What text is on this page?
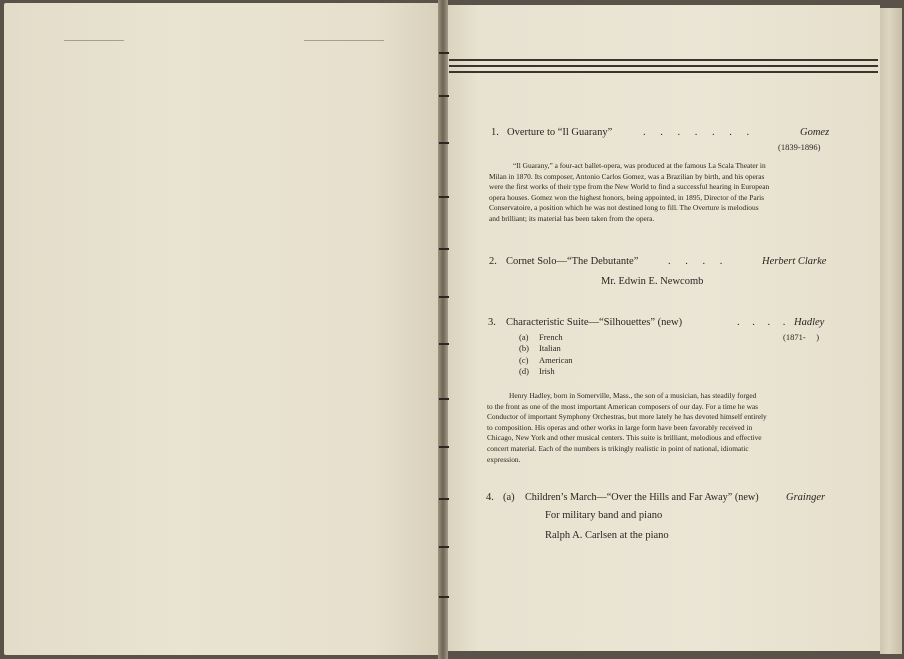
1. Overture to “Il Guarany”	. . . . . . .	Gomez
(1839-1896)
“Il Guarany,” a four-act ballet-opera, was produced at the famous La Scala Theater in
Milan in 1870. Its composer, Antonio Carlos Gomez, was a Brazilian by birth, and his operas
were the first works of their type from the New World to find a successful hearing in European
opera houses. Gomez won the highest honors, being appointed, in 1895, Director of the Paris
Conservatoire, a position which he was not destined long to fill. The Overture is melodious
and brilliant; its material has been taken from the opera.
2. Cornet Solo—“The Debutante”	. . . .	Herbert Clarke
Mr. Edwin E. Newcomb
3. Characteristic Suite—“Silhouettes” (new)	. . . . Hadley
(1871-     )
(a) French
(b) Italian
(c) American
(d) Irish
Henry Hadley, born in Somerville, Mass., the son of a musician, has steadily forged
to the front as one of the most important American composers of our day. For a time he was
Conductor of important Symphony Orchestras, but more lately he has devoted himself entirely
to composition. His operas and other works in large form have been favorably received in
Chicago, New York and other musical centers. This suite is brilliant, melodious and effective
concert material. Each of the numbers is trikingly realistic in point of national, idiomatic
expression.
4. (a) Children’s March—“Over the Hills and Far Away” (new)	Grainger
For military band and piano
Ralph A. Carlsen at the piano
